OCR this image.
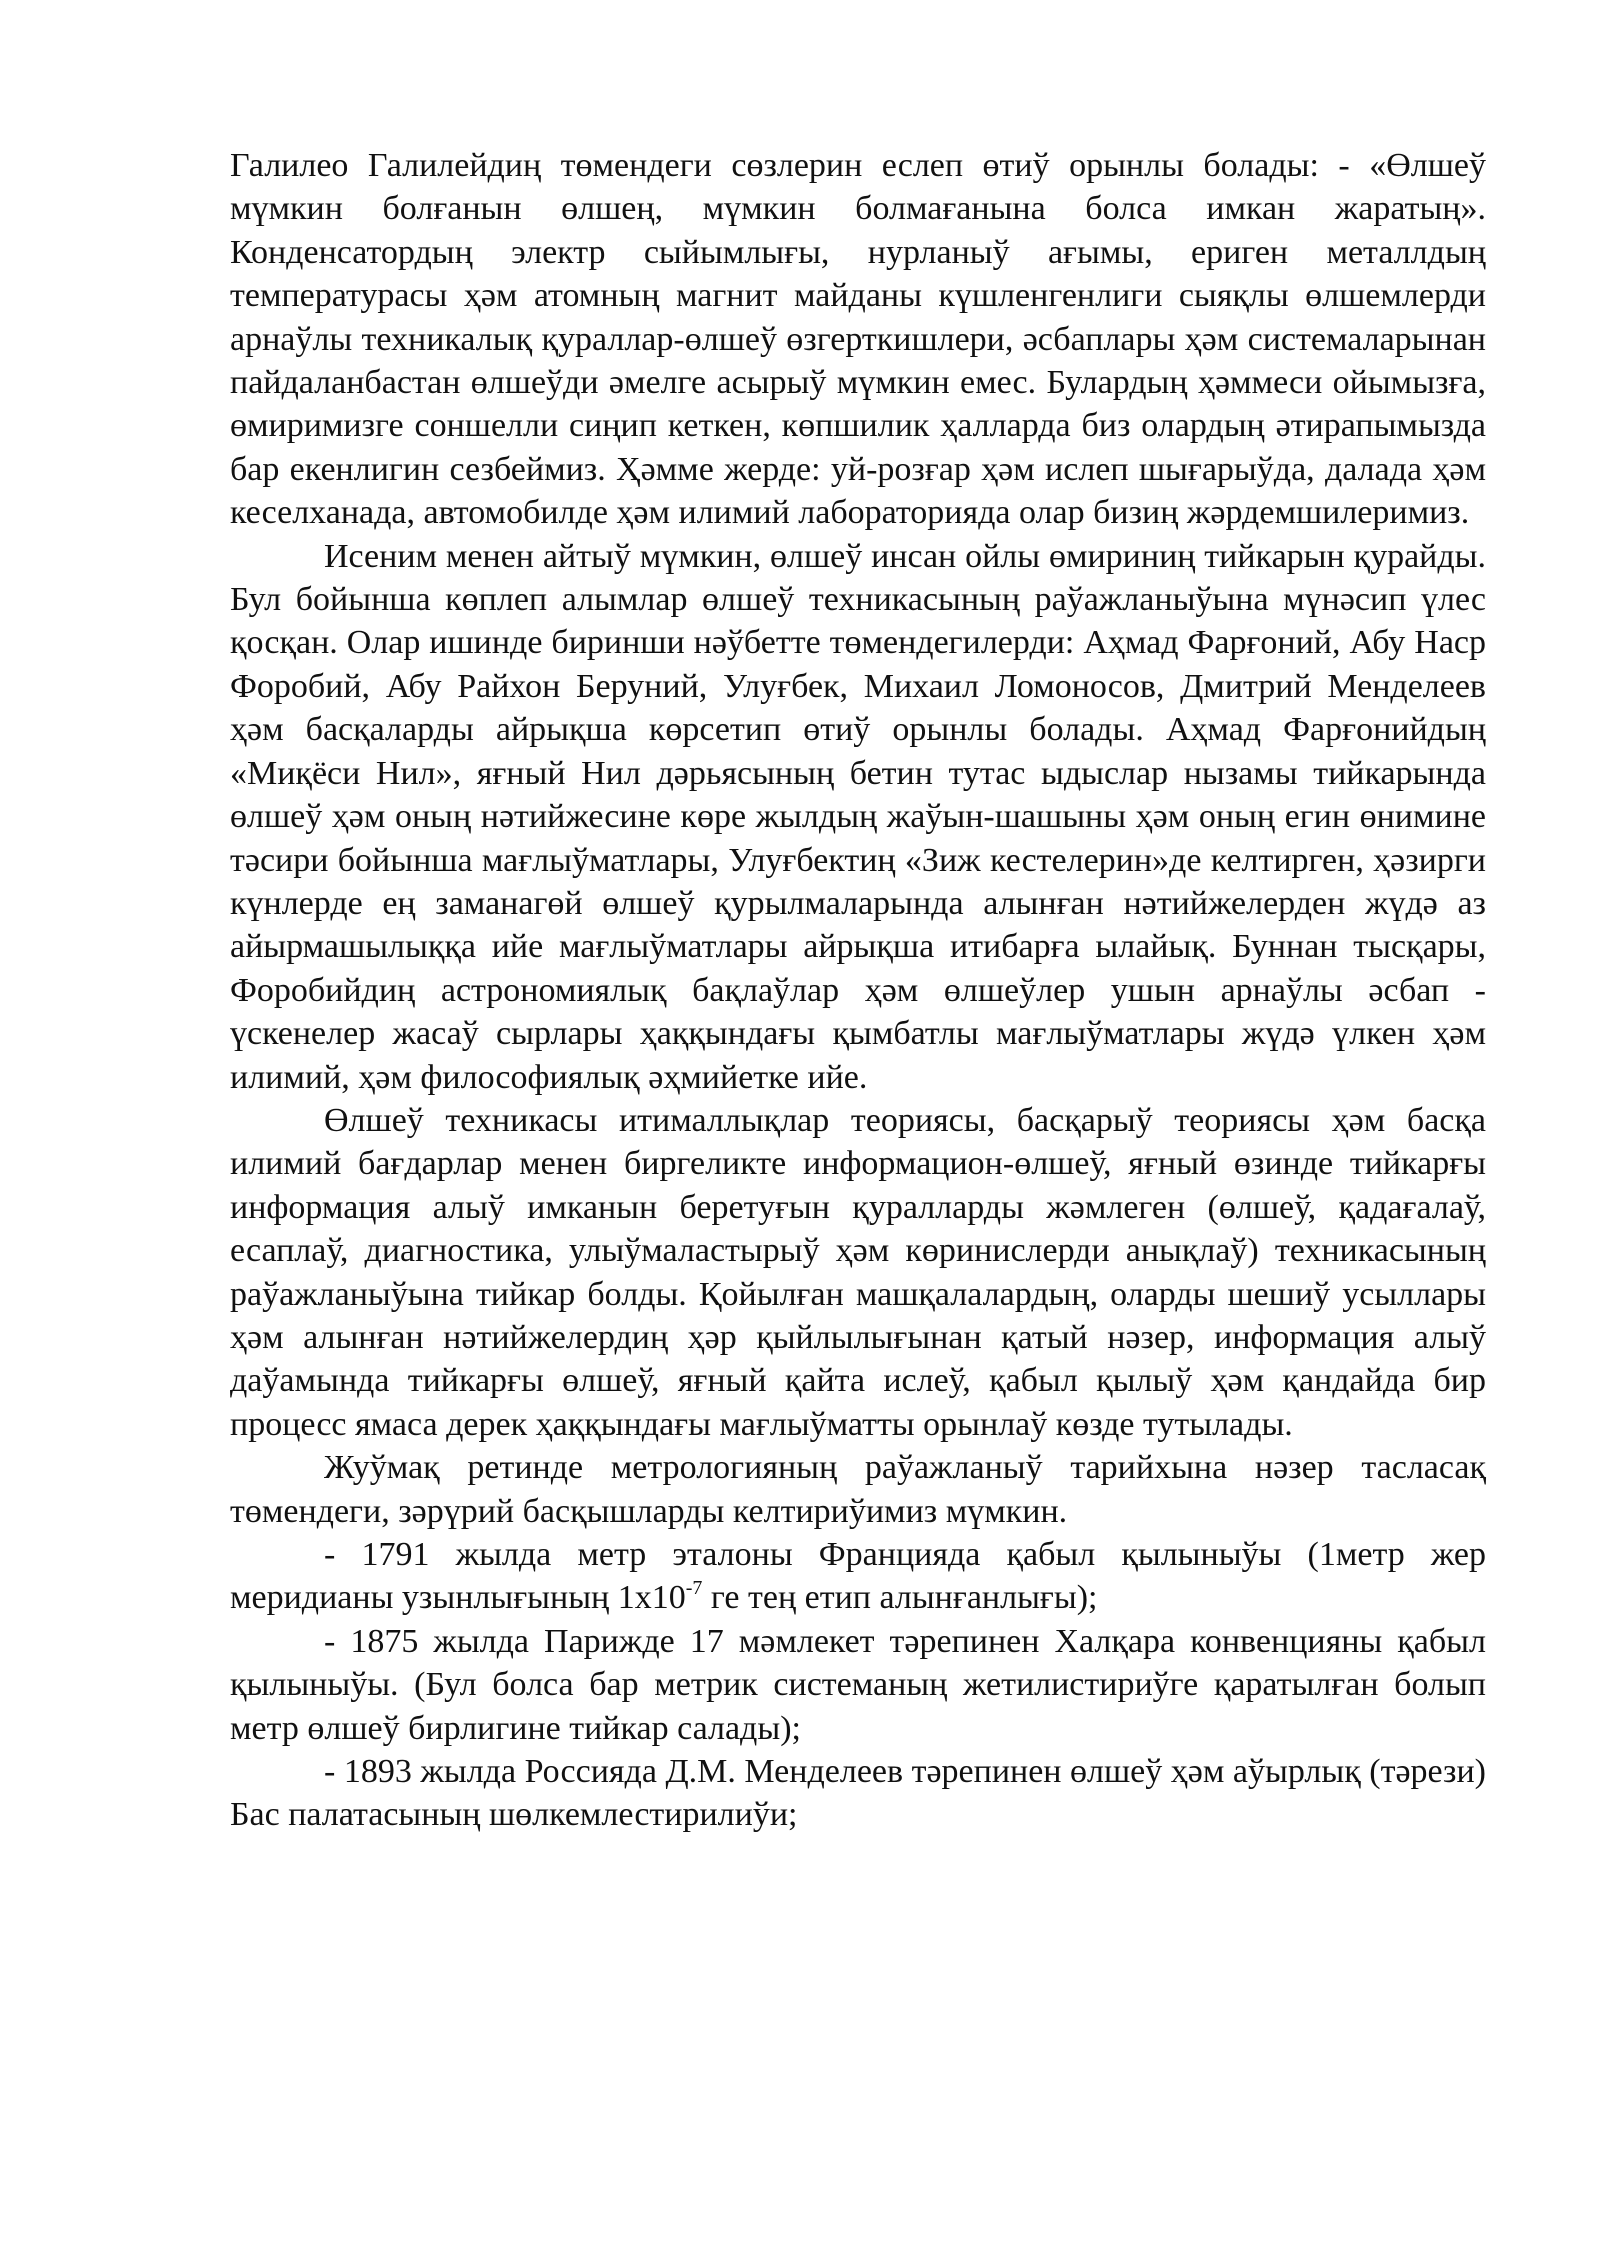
Галилео Галилейдиң төмендеги сөзлерин еслеп өтиў орынлы болады: - «Өлшеў мүмкин болғанын өлшең, мүмкин болмағанына болса имкан жаратың». Конденсатордың электр сыйымлығы, нурланыў ағымы, ериген металлдың температурасы ҳәм атомның магнит майданы күшленгенлиги сыяқлы өлшемлерди арнаўлы техникалық қураллар-өлшеў өзгерткишлери, әсбаплары ҳәм системаларынан пайдаланбастан өлшеўди әмелге асырыў мүмкин емес. Булардың ҳәммеси ойымызға, өмиримизге соншелли сиңип кеткен, көпшилик ҳалларда биз олардың әтирапымызда бар екенлигин сезбеймиз. Ҳәмме жерде: уй-розғар ҳәм ислеп шығарыўда, далада ҳәм кеселханада, автомобилде ҳәм илимий лабораторияда олар бизиң жәрдемшилеримиз.

Исеним менен айтыў мүмкин, өлшеў инсан ойлы өмириниң тийкарын қурайды. Бул бойынша көплеп алымлар өлшеў техникасының раўажланыўына мүнәсип үлес қосқан. Олар ишинде биринши нәўбетте төмендегилерди: Аҳмад Фарғоний, Абу Наср Форобий, Абу Райхон Беруний, Улуғбек, Михаил Ломоносов, Дмитрий Менделеев ҳәм басқаларды айрықша көрсетип өтиў орынлы болады. Аҳмад Фарғонийдың «Миқёси Нил», яғный Нил дәрьясының бетин тутас ыдыслар нызамы тийкарында өлшеў ҳәм оның нәтийжесине көре жылдың жаўын-шашыны ҳәм оның егин өнимине тәсири бойынша мағлыўматлары, Улуғбектиң «Зиж кестелерин»де келтирген, ҳәзирги күнлерде ең заманагөй өлшеў қурылмаларында алынған нәтийжелерден жүдә аз айырмашылыққа ийе мағлыўматлары айрықша итибарға ылайық. Буннан тысқары, Форобийдиң астрономиялық бақлаўлар ҳәм өлшеўлер ушын арнаўлы әсбап - үскенелер жасаў сырлары ҳаққындағы қымбатлы мағлыўматлары жүдә үлкен ҳәм илимий, ҳәм философиялық әҳмийетке ийе.

Өлшеў техникасы итималлықлар теориясы, басқарыў теориясы ҳәм басқа илимий бағдарлар менен биргеликте информацион-өлшеў, яғный өзинде тийкарғы информация алыў имканын беретуғын қуралларды жәмлеген (өлшеў, қадағалаў, есаплаў, диагностика, улыўмаластырыў ҳәм көринислерди анықлаў) техникасының раўажланыўына тийкар болды. Қойылған машқалалардың, оларды шешиў усыллары ҳәм алынған нәтийжелердиң ҳәр қыйлылығынан қатый нәзер, информация алыў даўамында тийкарғы өлшеў, яғный қайта ислеў, қабыл қылыў ҳәм қандайда бир процесс ямаса дерек ҳаққындағы мағлыўматты орынлаў көзде тутылады.

Жуўмақ ретинде метрологияның раўажланыў тарийхына нәзер тасласақ төмендеги, зәрүрий басқышларды келтириўимиз мүмкин.

- 1791 жылда метр эталоны Францияда қабыл қылыныўы (1метр жер меридианы узынлығының $1х10^{-7}$ ге тең етип алынғанлығы);

- 1875 жылда Парижде 17 мәмлекет тәрепинен Халқара конвенцияны қабыл қылыныўы. (Бул болса бар метрик системаның жетилистириўге қаратылған болып метр өлшеў бирлигине тийкар салады);

- 1893 жылда Россияда Д.М. Менделеев тәрепинен өлшеў ҳәм аўырлық (тәрези) Бас палатасының шөлкемлестирилиўи;
